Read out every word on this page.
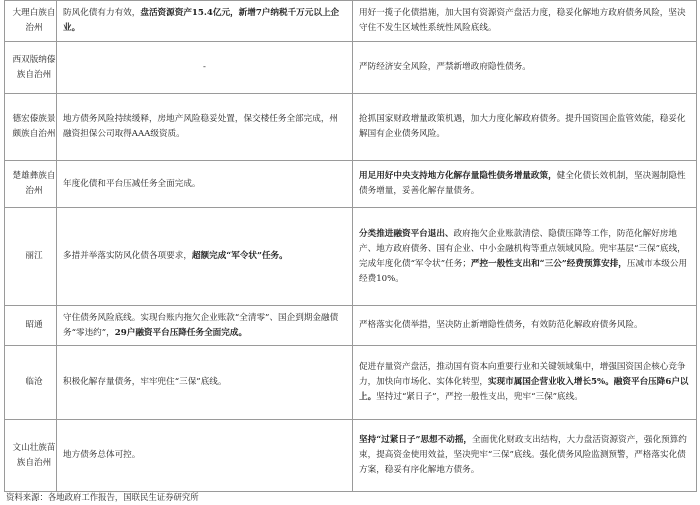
大理白族自治州	防风化债有力有效，盘活资源资产15.4亿元，新增7户纳税千万元以上企业。	用好一揽子化债措施，加大国有资源资产盘活力度，稳妥化解地方政府债务风险，坚决守住不发生区域性系统性风险底线。
西双版纳傣族自治州	-	严防经济安全风险，严禁新增政府隐性债务。
德宏傣族景颇族自治州	地方债务风险持续缓释，房地产风险稳妥处置，保交楼任务全部完成，州融资担保公司取得AAA级资质。	抢抓国家财政增量政策机遇，加大力度化解政府债务。提升国资国企监管效能，稳妥化解国有企业债务风险。
楚雄彝族自治州	年度化债和平台压减任务全面完成。	用足用好中央支持地方化解存量隐性债务增量政策，健全化债长效机制，坚决遏制隐性债务增量，妥善化解存量债务。
丽江	多措并举落实防风化债各项要求，超额完成“军令状”任务。	分类推进融资平台退出、政府拖欠企业账款清偿、隐债压降等工作，防范化解好房地产、地方政府债务、国有企业、中小金融机构等重点领域风险。兜牢基层“三保”底线，完成年度化债“军令状”任务；严控一般性支出和“三公”经费预算安排，压减市本级公用经费10%。
昭通	守住债务风险底线。实现台账内拖欠企业账款“全清零”、国企到期金融债务“零违约”，29户融资平台压降任务全面完成。	严格落实化债举措，坚决防止新增隐性债务，有效防范化解政府债务风险。
临沧	积极化解存量债务，牢牢兜住“三保”底线。	促进存量资产盘活，推动国有资本向重要行业和关键领域集中，增强国资国企核心竞争力，加快向市场化、实体化转型，实现市属国企营业收入增长5%。融资平台压降6户以上。坚持过“紧日子”，严控一般性支出，兜牢“三保”底线。
文山壮族苗族自治州	地方债务总体可控。	坚持“过紧日子”思想不动摇，全面优化财政支出结构，大力盘活资源资产，强化预算约束，提高资金使用效益，坚决兜牢“三保”底线。强化债务风险监测预警，严格落实化债方案，稳妥有序化解地方债务。
资料来源：各地政府工作报告，国联民生证券研究所
